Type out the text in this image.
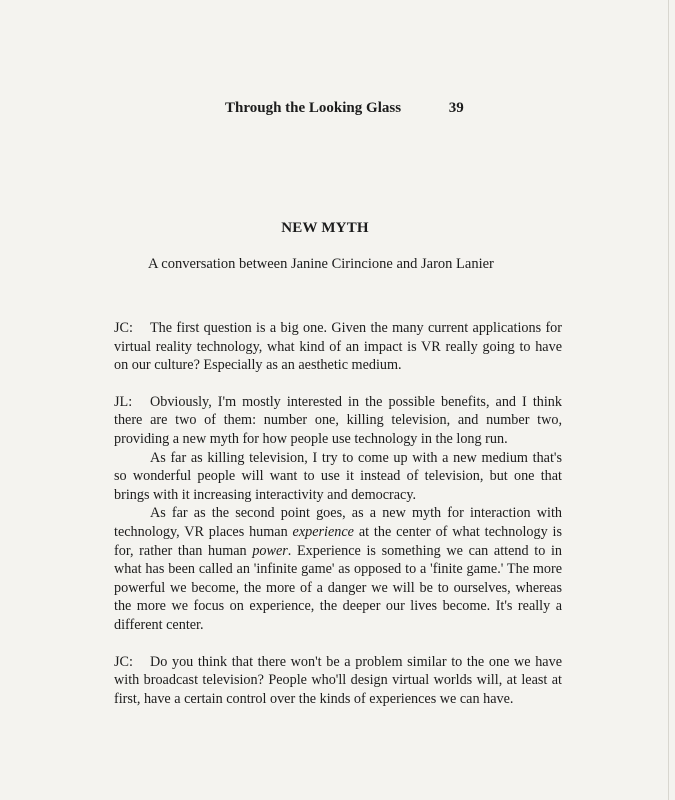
Through the Looking Glass	39
NEW MYTH
A conversation between Janine Cirincione and Jaron Lanier

JC: The first question is a big one. Given the many current applications for virtual reality technology, what kind of an impact is VR really going to have on our culture? Especially as an aesthetic medium.

JL: Obviously, I'm mostly interested in the possible benefits, and I think there are two of them: number one, killing television, and number two, providing a new myth for how people use technology in the long run.

As far as killing television, I try to come up with a new medium that's so wonderful people will want to use it instead of television, but one that brings with it increasing interactivity and democracy.

As far as the second point goes, as a new myth for interaction with technology, VR places human experience at the center of what technology is for, rather than human power. Experience is something we can attend to in what has been called an 'infinite game' as opposed to a 'finite game.' The more powerful we become, the more of a danger we will be to ourselves, whereas the more we focus on experience, the deeper our lives become. It's really a different center.

JC: Do you think that there won't be a problem similar to the one we have with broadcast television? People who'll design virtual worlds will, at least at first, have a certain control over the kinds of experiences we can have.
